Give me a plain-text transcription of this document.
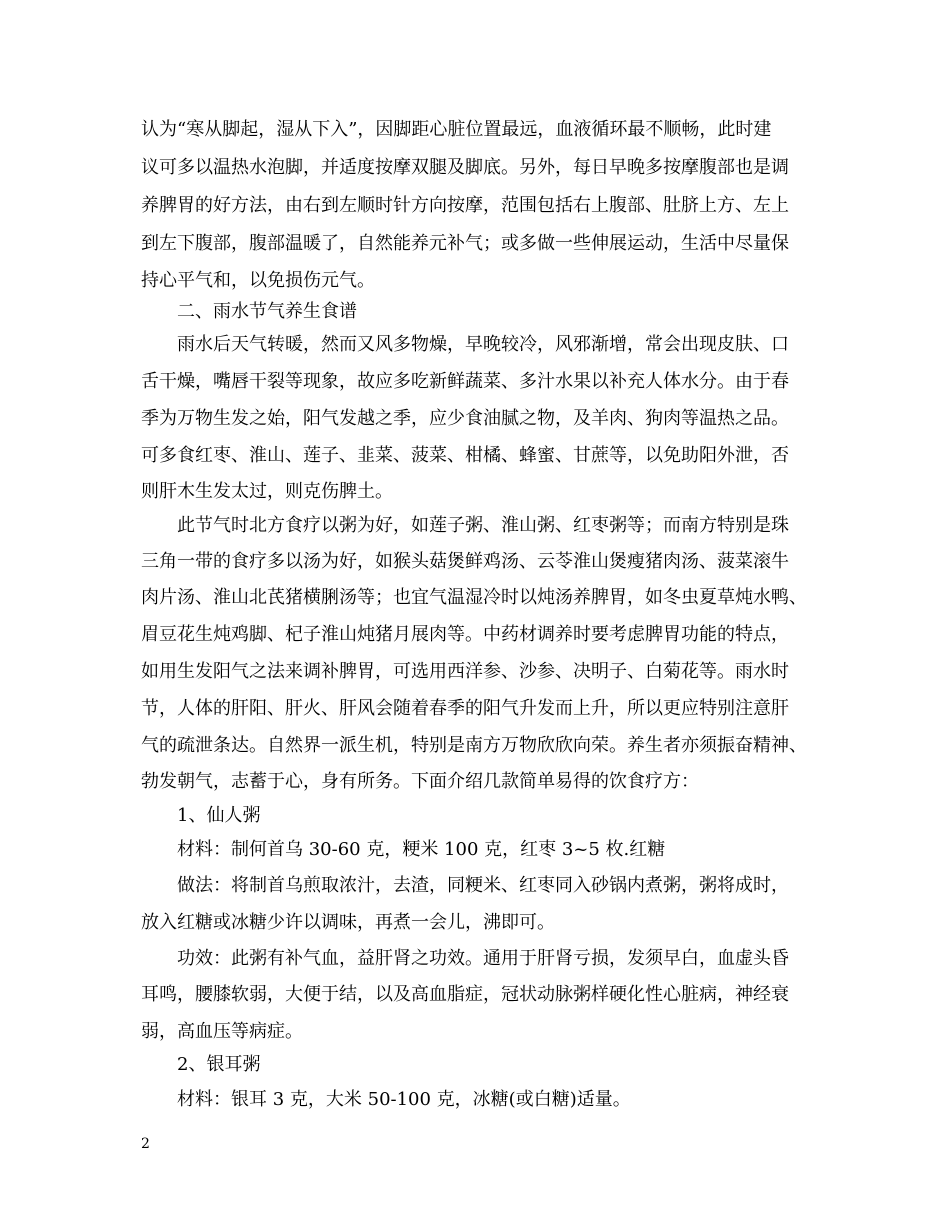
认为“寒从脚起，湿从下入”，因脚距心脏位置最远，血液循环最不顺畅，此时建
议可多以温热水泡脚，并适度按摩双腿及脚底。另外，每日早晚多按摩腹部也是调
养脾胃的好方法，由右到左顺时针方向按摩，范围包括右上腹部、肚脐上方、左上
到左下腹部，腹部温暖了，自然能养元补气；或多做一些伸展运动，生活中尽量保
持心平气和，以免损伤元气。
二、雨水节气养生食谱
雨水后天气转暖，然而又风多物燥，早晚较冷，风邪渐增，常会出现皮肤、口
舌干燥，嘴唇干裂等现象，故应多吃新鲜蔬菜、多汁水果以补充人体水分。由于春
季为万物生发之始，阳气发越之季，应少食油腻之物，及羊肉、狗肉等温热之品。
可多食红枣、淮山、莲子、韭菜、菠菜、柑橘、蜂蜜、甘蔗等，以免助阳外泄，否
则肝木生发太过，则克伤脾土。
此节气时北方食疗以粥为好，如莲子粥、淮山粥、红枣粥等；而南方特别是珠
三角一带的食疗多以汤为好，如猴头菇煲鲜鸡汤、云苓淮山煲瘦猪肉汤、菠菜滚牛
肉片汤、淮山北芪猪横脷汤等；也宜气温湿冷时以炖汤养脾胃，如冬虫夏草炖水鸭、
眉豆花生炖鸡脚、杞子淮山炖猪月展肉等。中药材调养时要考虑脾胃功能的特点，
如用生发阳气之法来调补脾胃，可选用西洋参、沙参、决明子、白菊花等。雨水时
节，人体的肝阳、肝火、肝风会随着春季的阳气升发而上升，所以更应特别注意肝
气的疏泄条达。自然界一派生机，特别是南方万物欣欣向荣。养生者亦须振奋精神、
勃发朝气，志蓄于心，身有所务。下面介绍几款简单易得的饮食疗方：
1、仙人粥
材料：制何首乌 30-60 克，粳米 100 克，红枣 3~5 枚.红糖
做法：将制首乌煎取浓汁，去渣，同粳米、红枣同入砂锅内煮粥，粥将成时，
放入红糖或冰糖少许以调味，再煮一会儿，沸即可。
功效：此粥有补气血，益肝肾之功效。通用于肝肾亏损，发须早白，血虚头昏
耳鸣，腰膝软弱，大便于结，以及高血脂症，冠状动脉粥样硬化性心脏病，神经衰
弱，高血压等病症。
2、银耳粥
材料：银耳 3 克，大米 50-100 克，冰糖(或白糖)适量。
2
